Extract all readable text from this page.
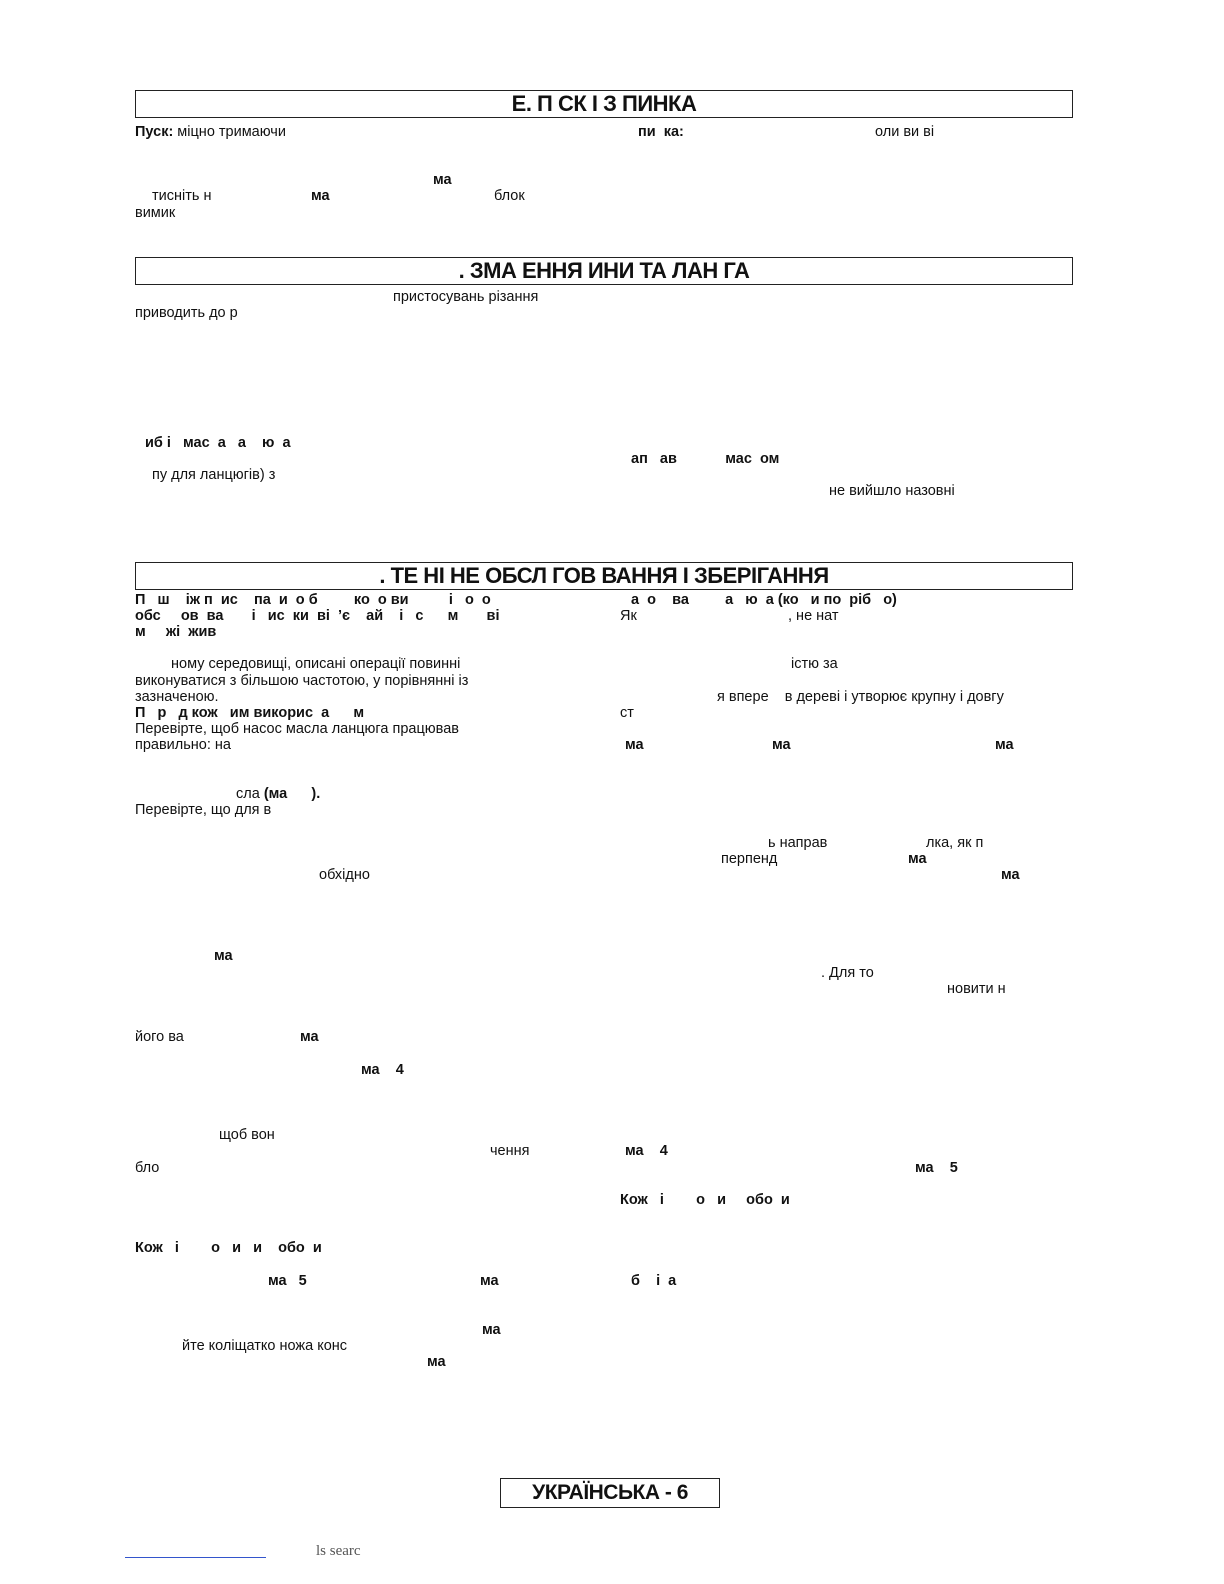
Е. П СК І З ПИНКА
. ЗМА ЕННЯ ИНИ ТА ЛАН ГА
. ТЕ НІ НЕ ОБСЛ ГОВ ВАННЯ І ЗБЕРІГАННЯ
Пуск: міцно тримаючи	пи  ка:	оли ви ві
ма
тисніть н	ма	блок
вимик
пристосувань різання
приводить до р
иб і   мас  а   а    ю  а
ап   ав            мас  ом
пу для ланцюгів) з
не вийшло назовні
П   ш    іж п  ис    па  и  о б         ко  о ви          і   о  о	а  о    ва         а   ю  а (ко   и по  ріб   о)
обс     ов  ва       і   ис  ки  ві  ’є    ай    і   с      м       ві	Як	, не нат
м     жі  жив
ному середовищі, описані операції повинні	істю за
виконуватися з більшою частотою, у порівнянні із
зазначеною.	я впере    в дереві і утворює крупну і довгу
П   р   д кож   им викорис  а      м	ст
Перевірте, щоб насос масла ланцюга працював
правильно: на	ма	ма	ма
сла (ма      ).
Перевірте, що для в
ь направ	лка, як п
перпенд	ма
обхідно	ма
ма
. Для то
новити н
його ва	ма
ма    4
щоб вон
чення	ма    4
бло	ма    5
Кож   і        о   и     обо  и
Кож   і        о   и   и    обо  и
ма   5	ма	б    і  а
ма
йте коліщатко ножа конс
ма
УКРАЇНСЬКА - 6
ls searc
